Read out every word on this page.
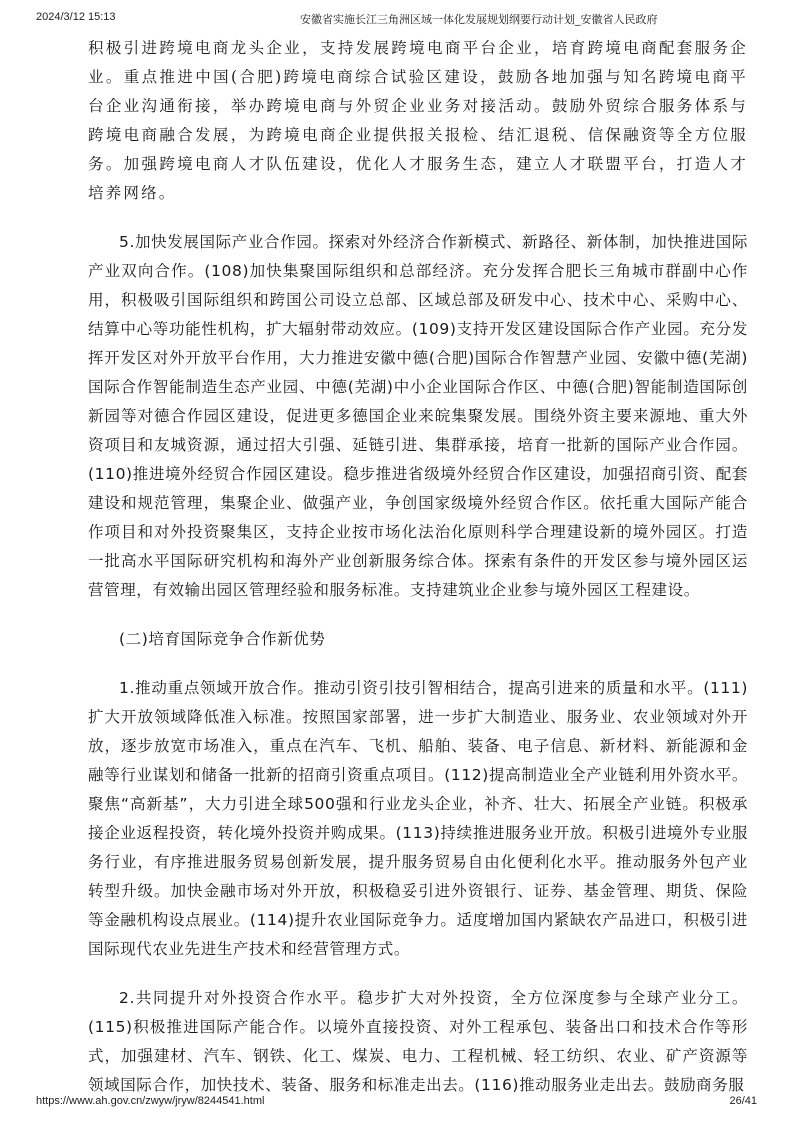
2024/3/12 15:13	安徽省实施长江三角洲区域一体化发展规划纲要行动计划_安徽省人民政府

积极引进跨境电商龙头企业，支持发展跨境电商平台企业，培育跨境电商配套服务企业。重点推进中国(合肥)跨境电商综合试验区建设，鼓励各地加强与知名跨境电商平台企业沟通衔接，举办跨境电商与外贸企业业务对接活动。鼓励外贸综合服务体系与跨境电商融合发展，为跨境电商企业提供报关报检、结汇退税、信保融资等全方位服务。加强跨境电商人才队伍建设，优化人才服务生态，建立人才联盟平台，打造人才培养网络。

5.加快发展国际产业合作园。探索对外经济合作新模式、新路径、新体制，加快推进国际产业双向合作。(108)加快集聚国际组织和总部经济。充分发挥合肥长三角城市群副中心作用，积极吸引国际组织和跨国公司设立总部、区域总部及研发中心、技术中心、采购中心、结算中心等功能性机构，扩大辐射带动效应。(109)支持开发区建设国际合作产业园。充分发挥开发区对外开放平台作用，大力推进安徽中德(合肥)国际合作智慧产业园、安徽中德(芜湖)国际合作智能制造生态产业园、中德(芜湖)中小企业国际合作区、中德(合肥)智能制造国际创新园等对德合作园区建设，促进更多德国企业来皖集聚发展。围绕外资主要来源地、重大外资项目和友城资源，通过招大引强、延链引进、集群承接，培育一批新的国际产业合作园。(110)推进境外经贸合作园区建设。稳步推进省级境外经贸合作区建设，加强招商引资、配套建设和规范管理，集聚企业、做强产业，争创国家级境外经贸合作区。依托重大国际产能合作项目和对外投资聚集区，支持企业按市场化法治化原则科学合理建设新的境外园区。打造一批高水平国际研究机构和海外产业创新服务综合体。探索有条件的开发区参与境外园区运营管理，有效输出园区管理经验和服务标准。支持建筑业企业参与境外园区工程建设。

(二)培育国际竞争合作新优势

1.推动重点领域开放合作。推动引资引技引智相结合，提高引进来的质量和水平。(111)扩大开放领域降低准入标准。按照国家部署，进一步扩大制造业、服务业、农业领域对外开放，逐步放宽市场准入，重点在汽车、飞机、船舶、装备、电子信息、新材料、新能源和金融等行业谋划和储备一批新的招商引资重点项目。(112)提高制造业全产业链利用外资水平。聚焦“高新基”，大力引进全球500强和行业龙头企业，补齐、壮大、拓展全产业链。积极承接企业返程投资，转化境外投资并购成果。(113)持续推进服务业开放。积极引进境外专业服务行业，有序推进服务贸易创新发展，提升服务贸易自由化便利化水平。推动服务外包产业转型升级。加快金融市场对外开放，积极稳妥引进外资银行、证券、基金管理、期货、保险等金融机构设点展业。(114)提升农业国际竞争力。适度增加国内紧缺农产品进口，积极引进国际现代农业先进生产技术和经营管理方式。

2.共同提升对外投资合作水平。稳步扩大对外投资，全方位深度参与全球产业分工。(115)积极推进国际产能合作。以境外直接投资、对外工程承包、装备出口和技术合作等形式，加强建材、汽车、钢铁、化工、煤炭、电力、工程机械、轻工纺织、农业、矿产资源等领域国际合作，加快技术、装备、服务和标准走出去。(116)推动服务业走出去。鼓励商务服

https://www.ah.gov.cn/zwyw/jryw/8244541.html	26/41
